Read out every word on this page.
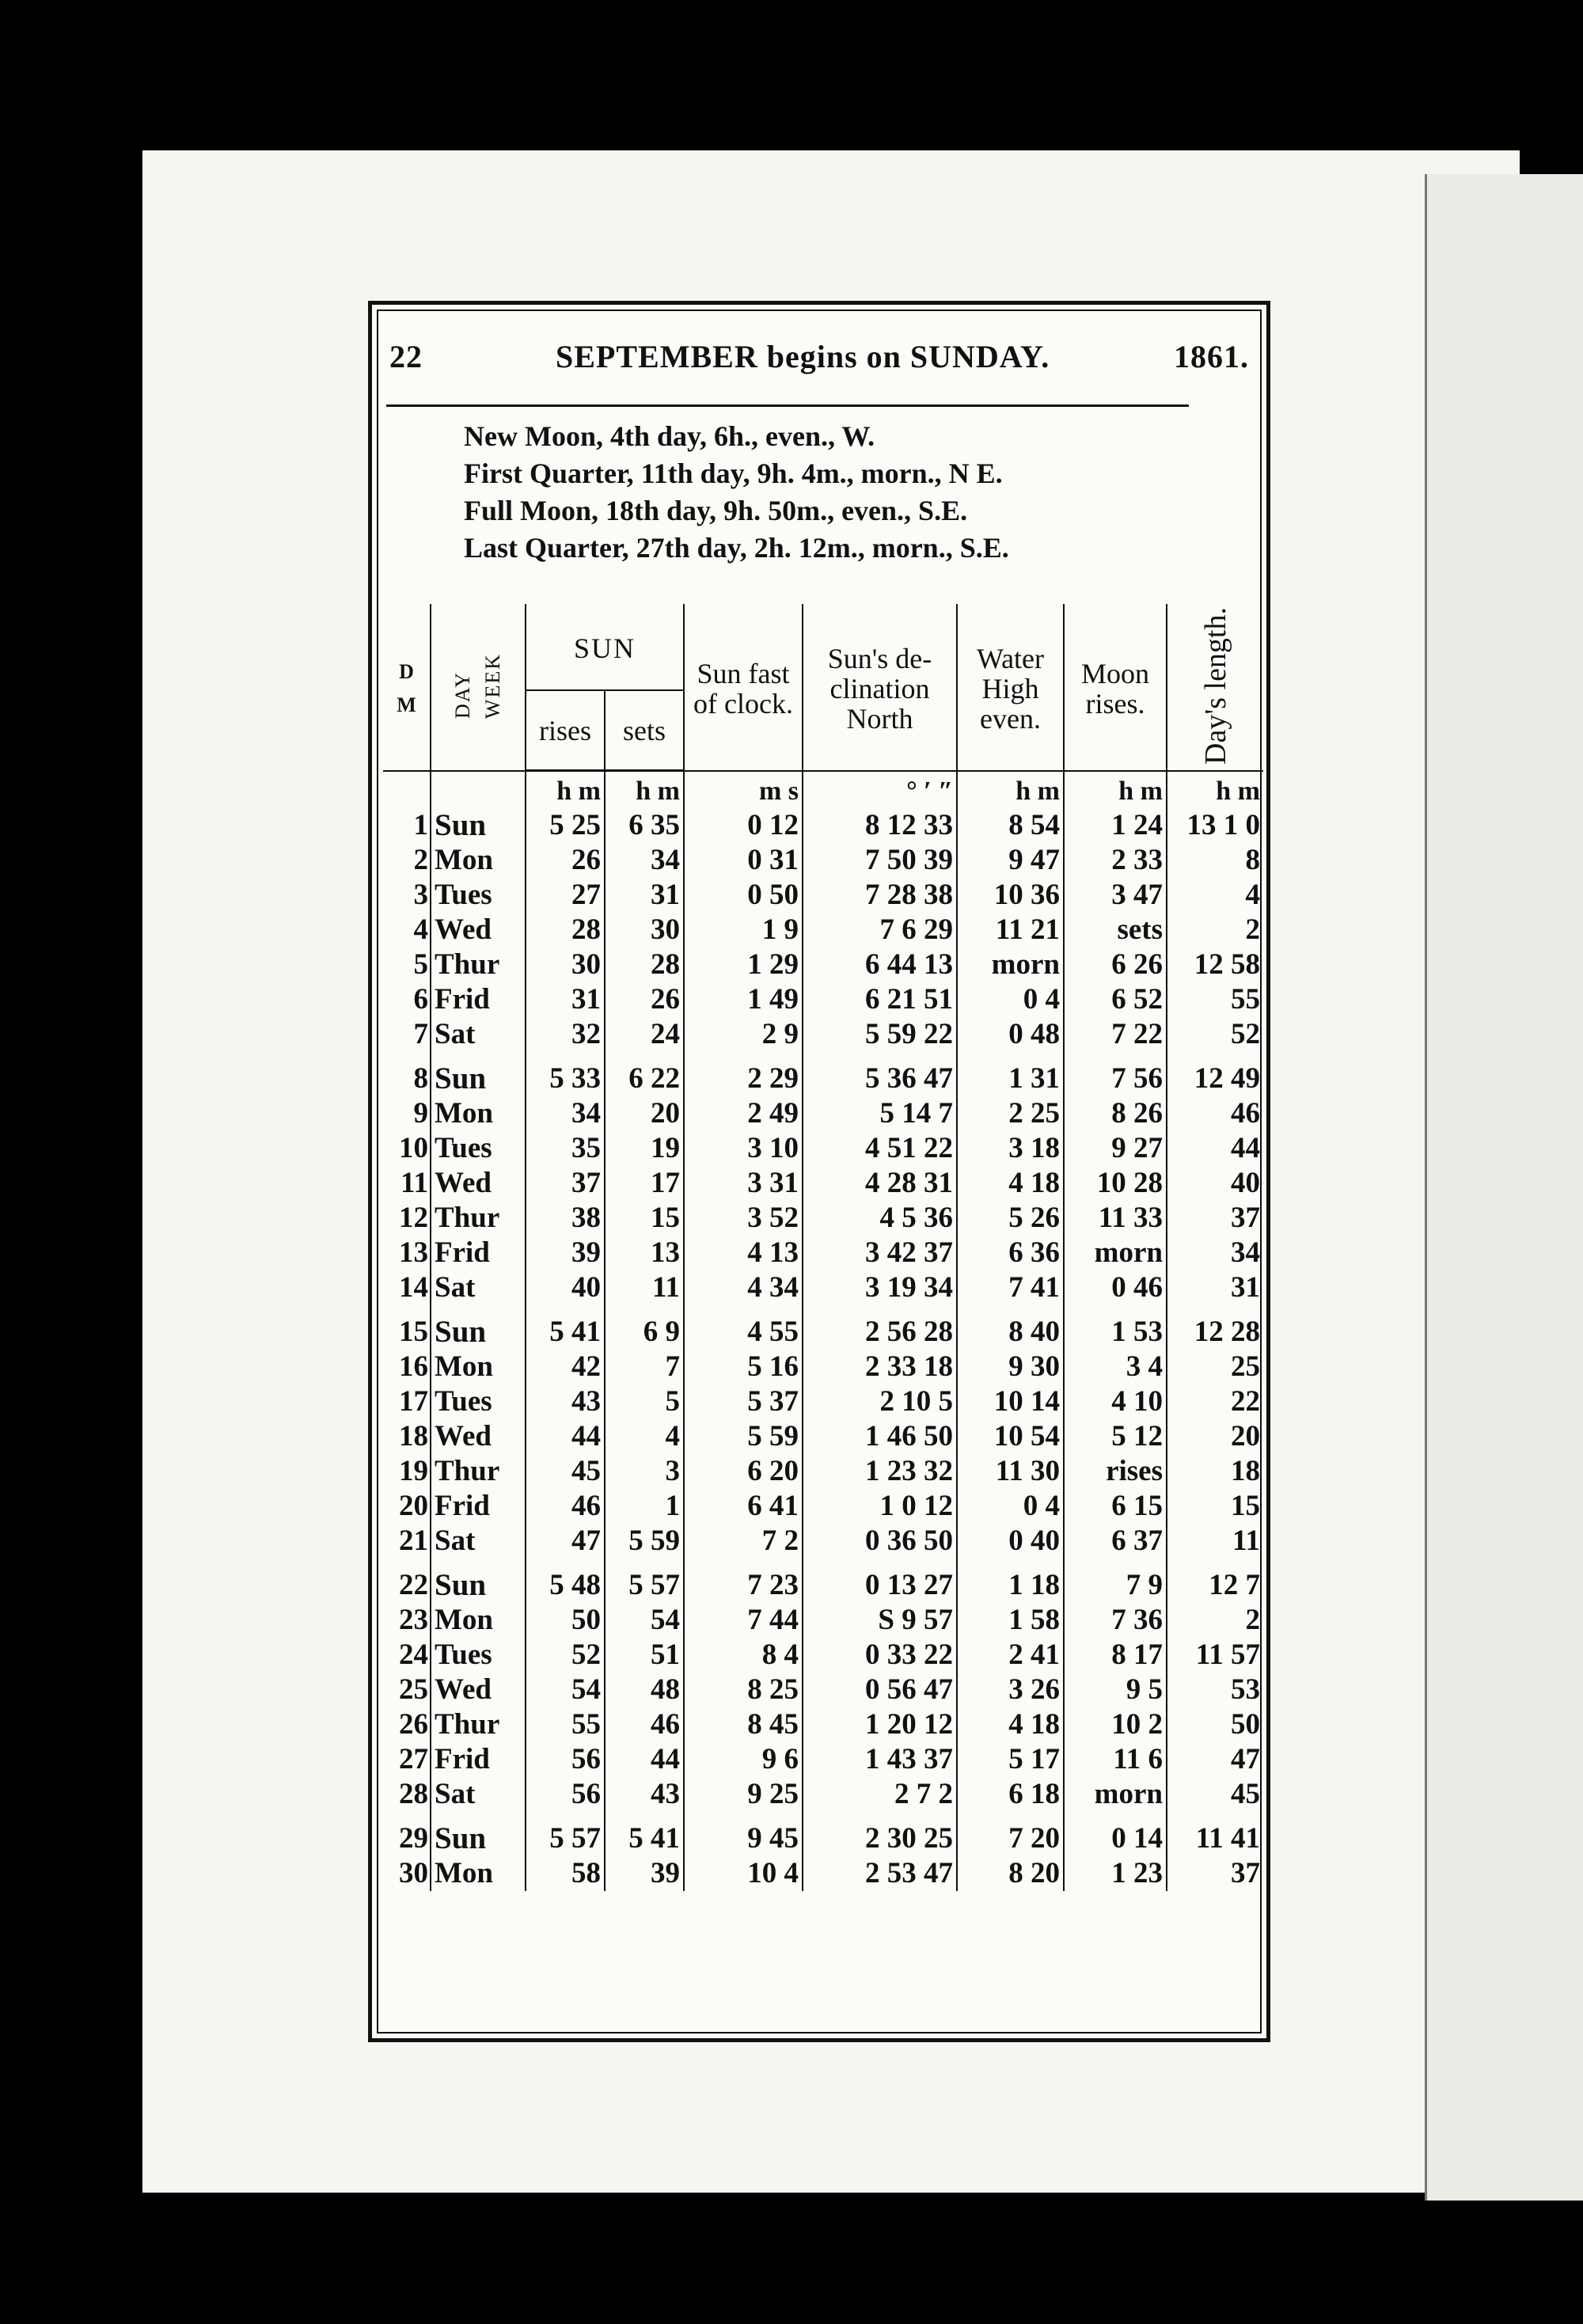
22	SEPTEMBER begins on SUNDAY.	1861.
New Moon, 4th day, 6h., even., W.
First Quarter, 11th day, 9h. 4m., morn., N E.
Full Moon, 18th day, 9h. 50m., even., S.E.
Last Quarter, 27th day, 2h. 12m., morn., S.E.
D
M	DAY WEEK	SUN		Sun fast of clock.	Sun's de- clination North	Water High even.	Moon rises.	Day's length.
		rises	sets					
		h m	h m	m s	° ′ ″	h m	h m	h m
1	Sun	5 25	6 35	0 12	8 12 33	8 54	1 24	13 1 0
2	Mon	26	34	0 31	7 50 39	9 47	2 33	8
3	Tues	27	31	0 50	7 28 38	10 36	3 47	4
4	Wed	28	30	1 9	7 6 29	11 21	sets	2
5	Thur	30	28	1 29	6 44 13	morn	6 26	12 58
6	Frid	31	26	1 49	6 21 51	0 4	6 52	55
7	Sat	32	24	2 9	5 59 22	0 48	7 22	52
8	Sun	5 33	6 22	2 29	5 36 47	1 31	7 56	12 49
9	Mon	34	20	2 49	5 14 7	2 25	8 26	46
10	Tues	35	19	3 10	4 51 22	3 18	9 27	44
11	Wed	37	17	3 31	4 28 31	4 18	10 28	40
12	Thur	38	15	3 52	4 5 36	5 26	11 33	37
13	Frid	39	13	4 13	3 42 37	6 36	morn	34
14	Sat	40	11	4 34	3 19 34	7 41	0 46	31
15	Sun	5 41	6 9	4 55	2 56 28	8 40	1 53	12 28
16	Mon	42	7	5 16	2 33 18	9 30	3 4	25
17	Tues	43	5	5 37	2 10 5	10 14	4 10	22
18	Wed	44	4	5 59	1 46 50	10 54	5 12	20
19	Thur	45	3	6 20	1 23 32	11 30	rises	18
20	Frid	46	1	6 41	1 0 12	0 4	6 15	15
21	Sat	47	5 59	7 2	0 36 50	0 40	6 37	11
22	Sun	5 48	5 57	7 23	0 13 27	1 18	7 9	12 7
23	Mon	50	54	7 44	S 9 57	1 58	7 36	2
24	Tues	52	51	8 4	0 33 22	2 41	8 17	11 57
25	Wed	54	48	8 25	0 56 47	3 26	9 5	53
26	Thur	55	46	8 45	1 20 12	4 18	10 2	50
27	Frid	56	44	9 6	1 43 37	5 17	11 6	47
28	Sat	56	43	9 25	2 7 2	6 18	morn	45
29	Sun	5 57	5 41	9 45	2 30 25	7 20	0 14	11 41
30	Mon	58	39	10 4	2 53 47	8 20	1 23	37
